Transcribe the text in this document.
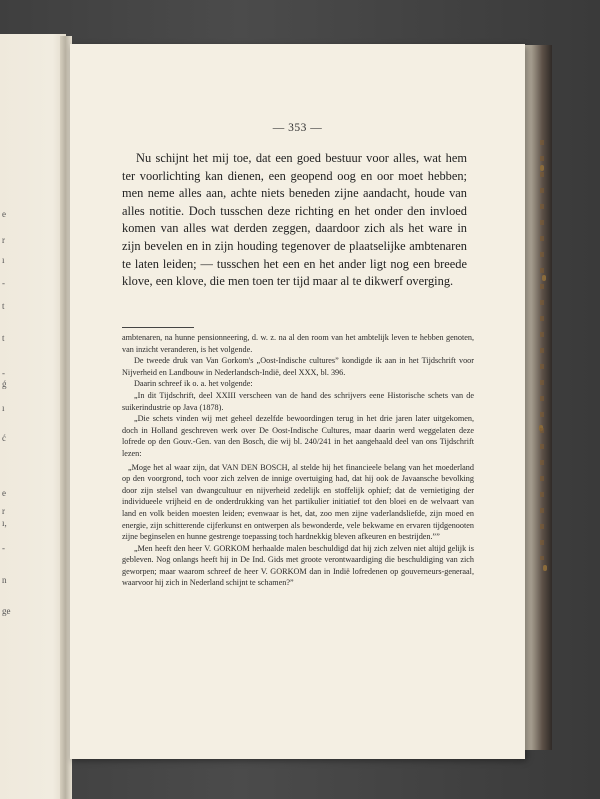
e
r
ı
-
t
t
-
ǵ
ı
ć
e
r
ı,
-
n
ge
— 353 —

Nu schijnt het mij toe, dat een goed bestuur voor alles, wat hem ter voorlichting kan dienen, een geopend oog en oor moet hebben; men neme alles aan, achte niets beneden zijne aandacht, houde van alles notitie. Doch tusschen deze richting en het onder den invloed komen van alles wat derden zeggen, daardoor zich als het ware in zijn bevelen en in zijn houding tegenover de plaatselijke ambtenaren te laten leiden; — tusschen het een en het ander ligt nog een breede klove, een klove, die men toen ter tijd maar al te dikwerf overging.

ambtenaren, na hunne pensionneering, d. w. z. na al den room van het ambtelijk leven te hebben genoten, van inzicht veranderen, is het volgende.

De tweede druk van Van Gorkom's „Oost-Indische cultures” kondigde ik aan in het Tijdschrift voor Nijverheid en Landbouw in Nederlandsch-Indië, deel XXX, bl. 396.

Daarin schreef ik o. a. het volgende:

„In dit Tijdschrift, deel XXIII verscheen van de hand des schrijvers eene Historische schets van de suikerindustrie op Java (1878).

„Die schets vinden wij met geheel dezelfde bewoordingen terug in het drie jaren later uitgekomen, doch in Holland geschreven werk over De Oost-Indische Cultures, maar daarin werd weggelaten deze lofrede op den Gouv.-Gen. van den Bosch, die wij bl. 240/241 in het aangehaald deel van ons Tijdschrift lezen:

„Moge het al waar zijn, dat VAN DEN BOSCH, al stelde hij het financieele belang van het moederland op den voorgrond, toch voor zich zelven de innige overtuiging had, dat hij ook de Javaansche bevolking door zijn stelsel van dwangcultuur en nijverheid zedelijk en stoffelijk ophief; dat de vernietiging der individueele vrijheid en de onderdrukking van het partikulier initiatief tot den bloei en de welvaart van land en volk beiden moesten leiden; evenwaar is het, dat, zoo men zijne vaderlandsliefde, zijn moed en energie, zijn schitterende cijferkunst en ontwerpen als bewonderde, vele bekwame en ervaren tijdgenooten zijne beginselen en hunne gestrenge toepassing toch hardnekkig bleven afkeuren en bestrijden.””

„Men heeft den heer V. GORKOM herhaalde malen beschuldigd dat hij zich zelven niet altijd gelijk is gebleven. Nog onlangs heeft hij in De Ind. Gids met groote verontwaardiging die beschuldiging van zich geworpen; maar waarom schreef de heer V. GORKOM dan in Indië lofredenen op gouverneurs-generaal, waarvoor hij zich in Nederland schijnt te schamen?”
